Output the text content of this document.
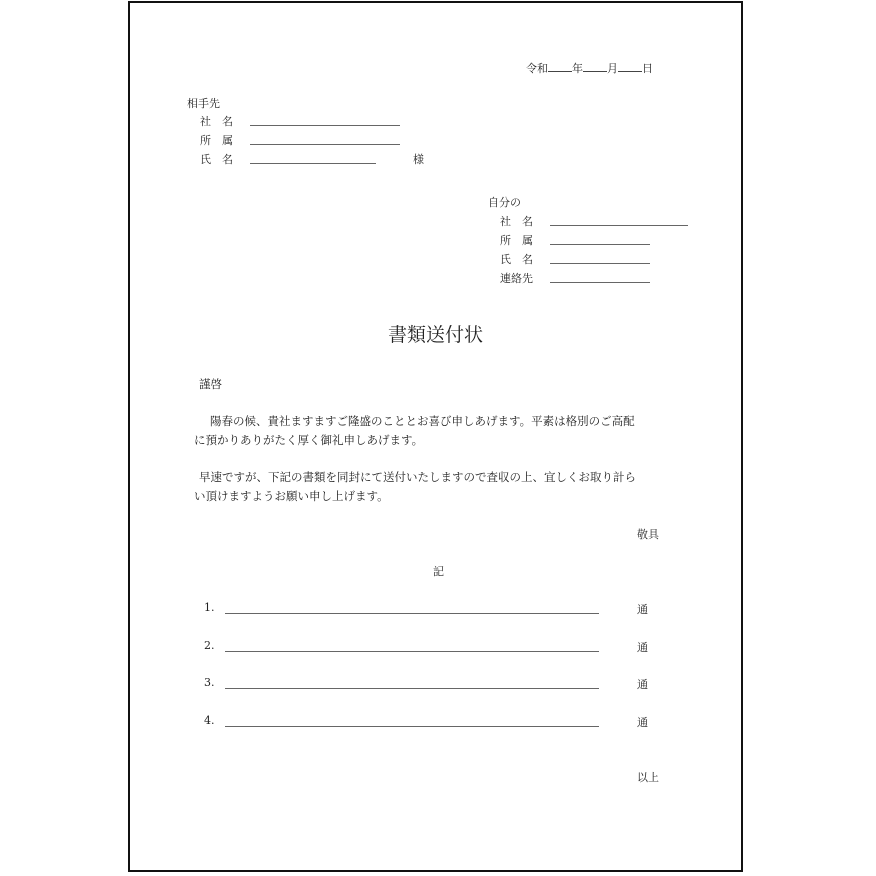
令和 年 月 日
相手先
社　名
所　属
氏　名	様
自分の
社　名
所　属
氏　名
連絡先
書類送付状
謹啓
陽春の候、貴社ますますご隆盛のこととお喜び申しあげます。平素は格別のご高配
に預かりありがたく厚く御礼申しあげます。
早速ですが、下記の書類を同封にて送付いたしますので査収の上、宜しくお取り計ら
い頂けますようお願い申し上げます。
敬具
記
1.	通
2.	通
3.	通
4.	通
以上
